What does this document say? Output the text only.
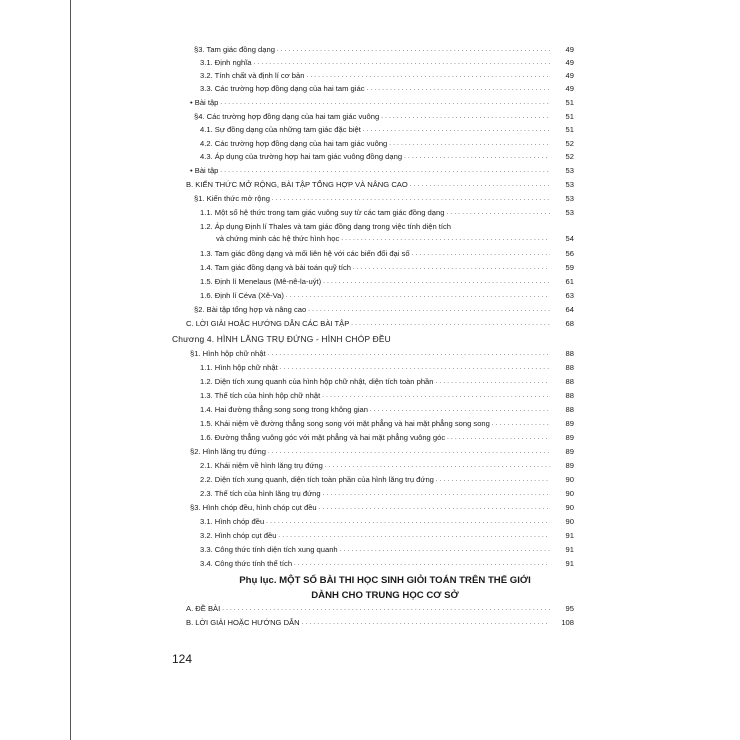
§3. Tam giác đồng dạng . . .	49
3.1. Định nghĩa . . .	49
3.2. Tính chất và định lí cơ bản . . .	49
3.3. Các trường hợp đồng dạng của hai tam giác . . .	49
• Bài tập . . .	51
§4. Các trường hợp đồng dạng của hai tam giác vuông . . .	51
4.1. Sự đồng dạng của những tam giác đặc biệt . . .	51
4.2. Các trường hợp đồng dạng của hai tam giác vuông . . .	52
4.3. Áp dụng của trường hợp hai tam giác vuông đồng dạng . . .	52
• Bài tập . . .	53
B. KIẾN THỨC MỞ RỘNG, BÀI TẬP TỔNG HỢP VÀ NÂNG CAO . . .	53
§1. Kiến thức mở rộng . . .	53
1.1. Một số hệ thức trong tam giác vuông suy từ các tam giác đồng dạng . . .	53
1.2. Áp dụng Định lí Thales và tam giác đồng dạng trong việc tính diện tích
và chứng minh các hệ thức hình học . . .	54
1.3. Tam giác đồng dạng và mối liên hệ với các biến đổi đại số . . .	56
1.4. Tam giác đồng dạng và bài toán quỹ tích . . .	59
1.5. Định lí Menelaus (Mê-nê-la-uýt) . . .	61
1.6. Định lí Céva (Xê-Va) . . .	63
§2. Bài tập tổng hợp và nâng cao . . .	64
C. LỜI GIẢI HOẶC HƯỚNG DẪN CÁC BÀI TẬP . . .	68
Chương 4. HÌNH LĂNG TRỤ ĐỨNG - HÌNH CHÓP ĐỀU
§1. Hình hộp chữ nhật . . .	88
1.1. Hình hộp chữ nhật . . .	88
1.2. Diện tích xung quanh của hình hộp chữ nhật, diện tích toàn phần . . .	88
1.3. Thể tích của hình hộp chữ nhật . . .	88
1.4. Hai đường thẳng song song trong không gian . . .	88
1.5. Khái niệm về đường thẳng song song với mặt phẳng và hai mặt phẳng song song . . .	89
1.6. Đường thẳng vuông góc với mặt phẳng và hai mặt phẳng vuông góc . . .	89
§2. Hình lăng trụ đứng . . .	89
2.1. Khái niệm về hình lăng trụ đứng . . .	89
2.2. Diện tích xung quanh, diện tích toàn phần của hình lăng trụ đứng . . .	90
2.3. Thể tích của hình lăng trụ đứng . . .	90
§3. Hình chóp đều, hình chóp cụt đều . . .	90
3.1. Hình chóp đều . . .	90
3.2. Hình chóp cụt đều . . .	91
3.3. Công thức tính diện tích xung quanh . . .	91
3.4. Công thức tính thể tích . . .	91
Phụ lục. MỘT SỐ BÀI THI HỌC SINH GIỎI TOÁN TRÊN THẾ GIỚI
DÀNH CHO TRUNG HỌC CƠ SỞ
A. ĐỀ BÀI . . .	95
B. LỜI GIẢI HOẶC HƯỚNG DẪN . . .	108
124
